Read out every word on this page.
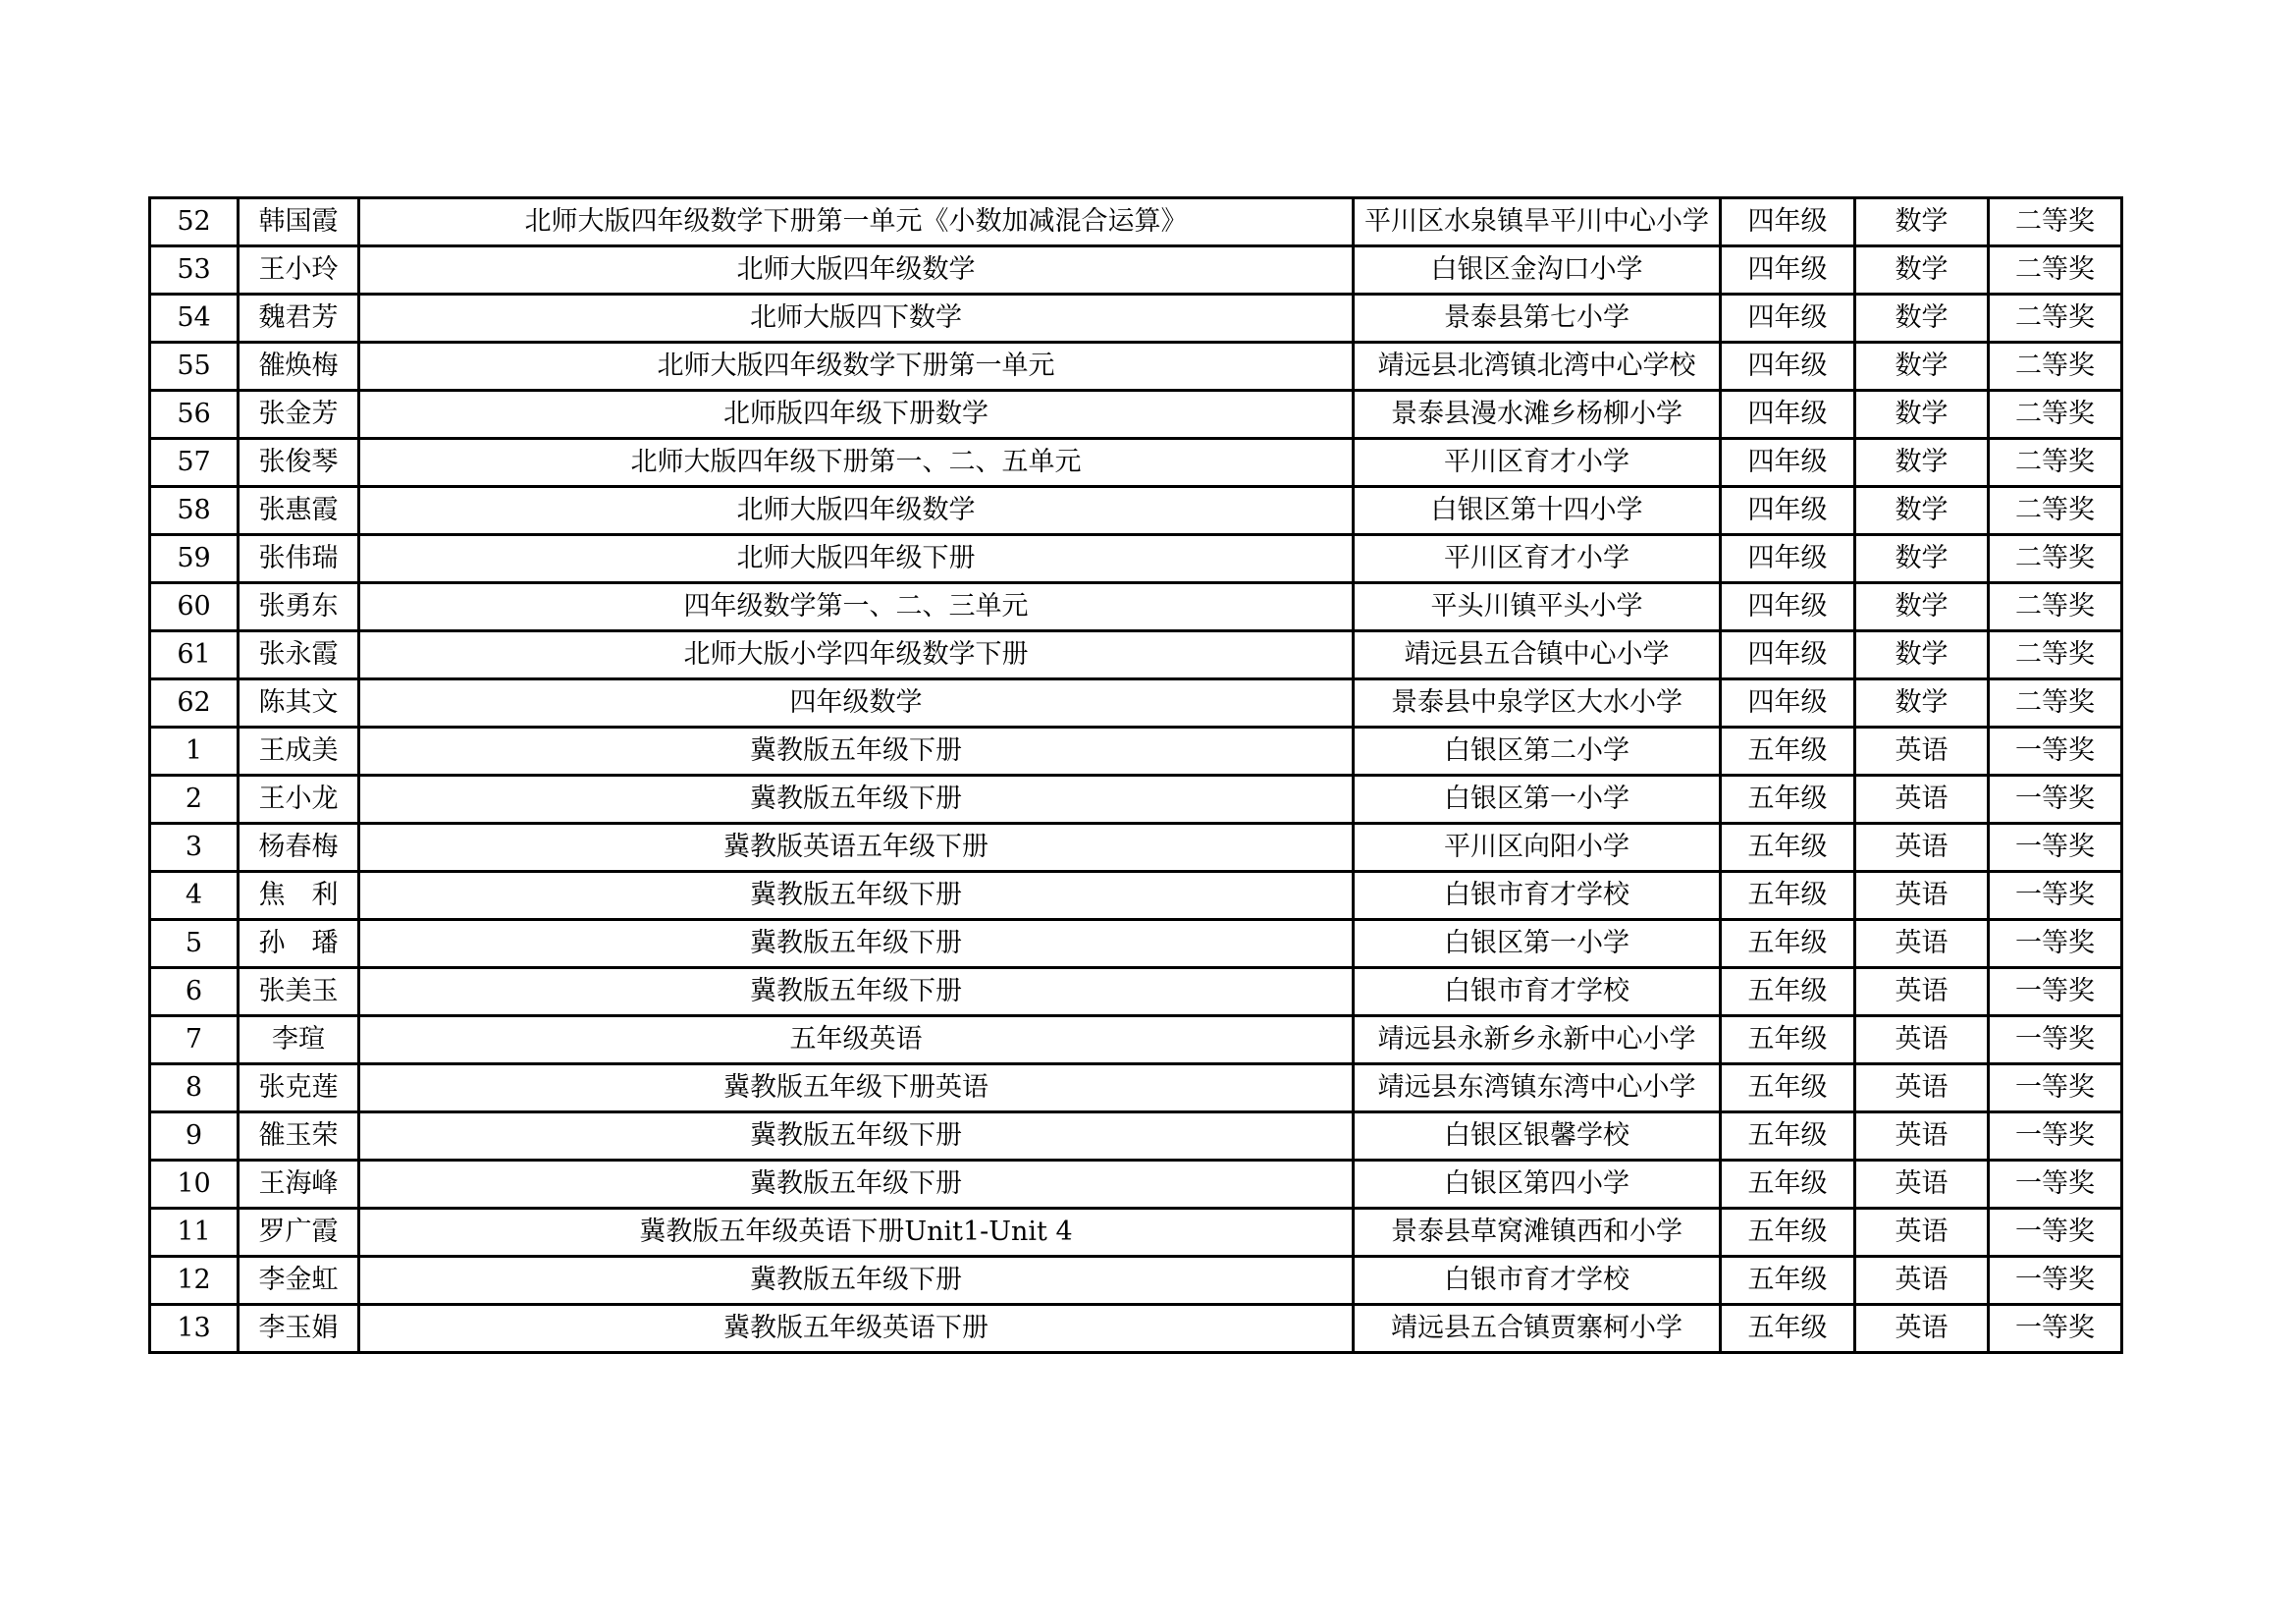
52	韩国霞	北师大版四年级数学下册第一单元《小数加减混合运算》	平川区水泉镇旱平川中心小学	四年级	数学	二等奖
53	王小玲	北师大版四年级数学	白银区金沟口小学	四年级	数学	二等奖
54	魏君芳	北师大版四下数学	景泰县第七小学	四年级	数学	二等奖
55	雒焕梅	北师大版四年级数学下册第一单元	靖远县北湾镇北湾中心学校	四年级	数学	二等奖
56	张金芳	北师版四年级下册数学	景泰县漫水滩乡杨柳小学	四年级	数学	二等奖
57	张俊琴	北师大版四年级下册第一、二、五单元	平川区育才小学	四年级	数学	二等奖
58	张惠霞	北师大版四年级数学	白银区第十四小学	四年级	数学	二等奖
59	张伟瑞	北师大版四年级下册	平川区育才小学	四年级	数学	二等奖
60	张勇东	四年级数学第一、二、三单元	平头川镇平头小学	四年级	数学	二等奖
61	张永霞	北师大版小学四年级数学下册	靖远县五合镇中心小学	四年级	数学	二等奖
62	陈其文	四年级数学	景泰县中泉学区大水小学	四年级	数学	二等奖
1	王成美	冀教版五年级下册	白银区第二小学	五年级	英语	一等奖
2	王小龙	冀教版五年级下册	白银区第一小学	五年级	英语	一等奖
3	杨春梅	冀教版英语五年级下册	平川区向阳小学	五年级	英语	一等奖
4	焦　利	冀教版五年级下册	白银市育才学校	五年级	英语	一等奖
5	孙　璠	冀教版五年级下册	白银区第一小学	五年级	英语	一等奖
6	张美玉	冀教版五年级下册	白银市育才学校	五年级	英语	一等奖
7	李瑄	五年级英语	靖远县永新乡永新中心小学	五年级	英语	一等奖
8	张克莲	冀教版五年级下册英语	靖远县东湾镇东湾中心小学	五年级	英语	一等奖
9	雒玉荣	冀教版五年级下册	白银区银馨学校	五年级	英语	一等奖
10	王海峰	冀教版五年级下册	白银区第四小学	五年级	英语	一等奖
11	罗广霞	冀教版五年级英语下册Unit1-Unit 4	景泰县草窝滩镇西和小学	五年级	英语	一等奖
12	李金虹	冀教版五年级下册	白银市育才学校	五年级	英语	一等奖
13	李玉娟	冀教版五年级英语下册	靖远县五合镇贾寨柯小学	五年级	英语	一等奖
